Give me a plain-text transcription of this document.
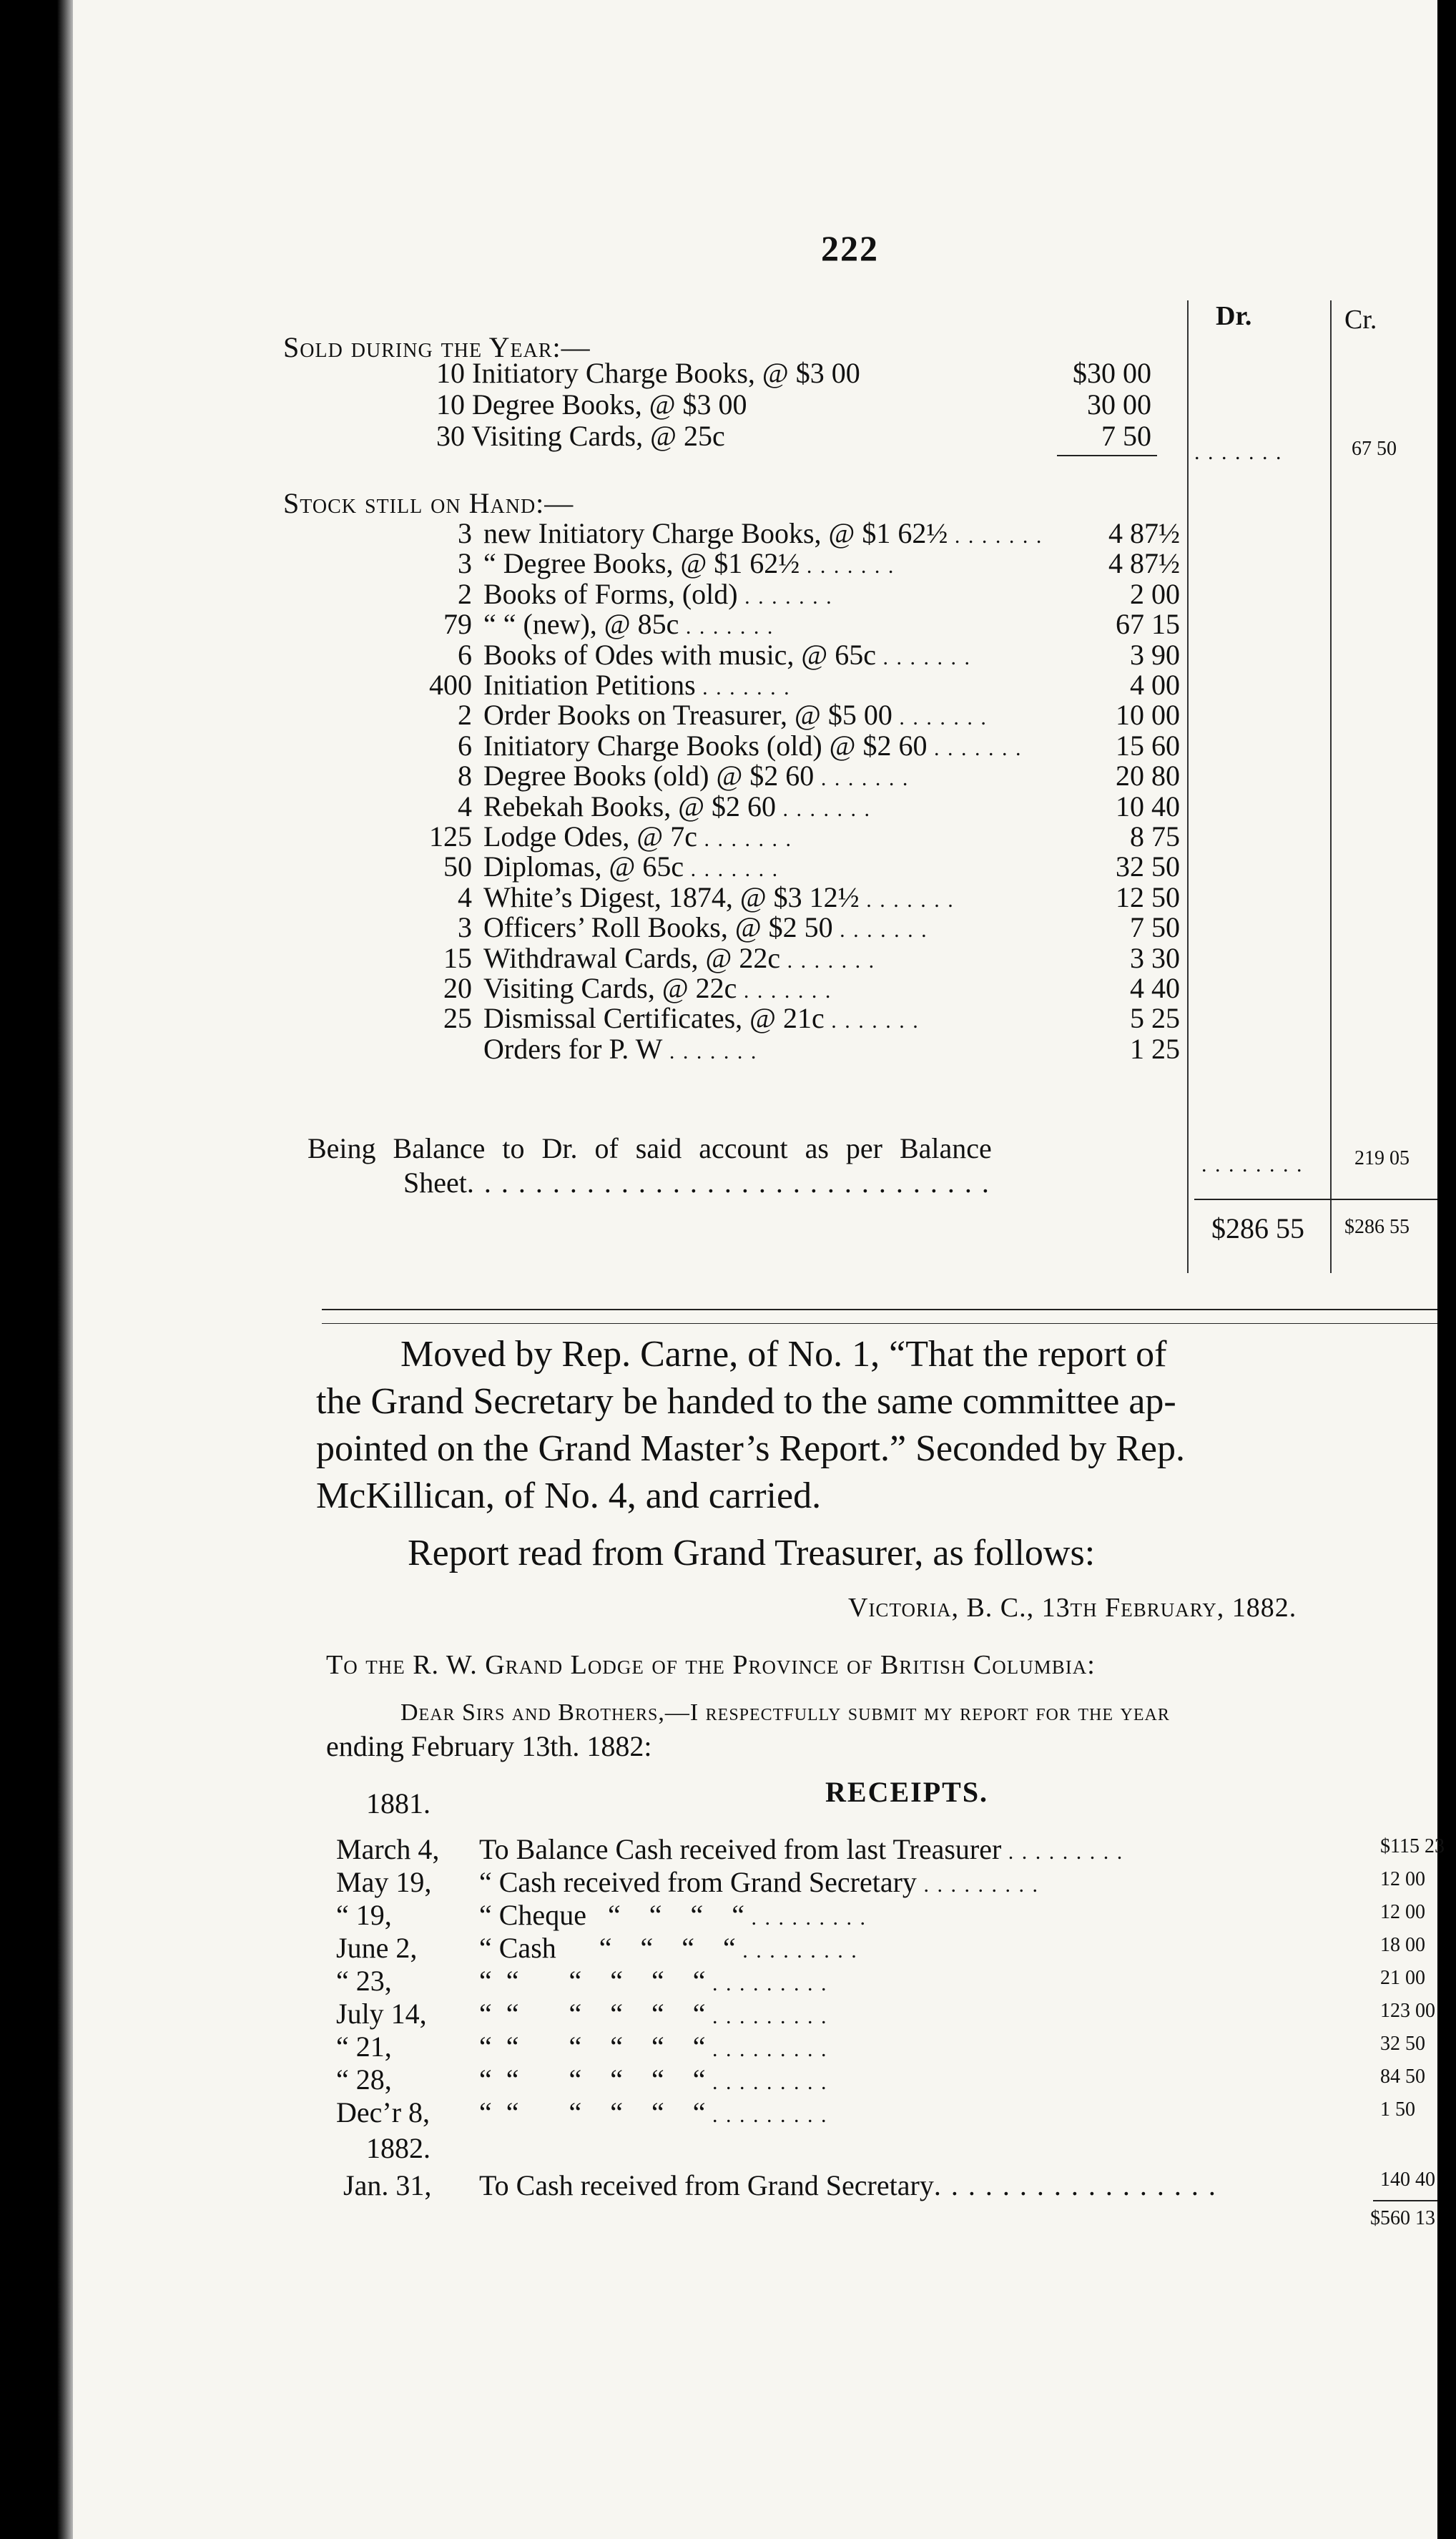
222
Dr.	Cr.
Sold during the Year:—
10 Initiatory Charge Books, @ $3 00	$30 00
10 Degree Books, @ $3 00	30 00
30 Visiting Cards, @ 25c	7 50
. . . . . . .	67 50
Stock still on Hand:—
3 new Initiatory Charge Books, @ $1 62½ . . . . . . .	4 87½
3 “ Degree Books, @ $1 62½ . . . . . . .	4 87½
2 Books of Forms, (old) . . . . . . .	2 00
79 “ “ (new), @ 85c . . . . . . .	67 15
6 Books of Odes with music, @ 65c . . . . . . .	3 90
400 Initiation Petitions . . . . . . .	4 00
2 Order Books on Treasurer, @ $5 00 . . . . . . .	10 00
6 Initiatory Charge Books (old) @ $2 60 . . . . . . .	15 60
8 Degree Books (old) @ $2 60 . . . . . . .	20 80
4 Rebekah Books, @ $2 60 . . . . . . .	10 40
125 Lodge Odes, @ 7c . . . . . . .	8 75
50 Diplomas, @ 65c . . . . . . .	32 50
4 White’s Digest, 1874, @ $3 12½ . . . . . . .	12 50
3 Officers’ Roll Books, @ $2 50 . . . . . . .	7 50
15 Withdrawal Cards, @ 22c . . . . . . .	3 30
20 Visiting Cards, @ 22c . . . . . . .	4 40
25 Dismissal Certificates, @ 21c . . . . . . .	5 25
Orders for P. W . . . . . . .	1 25
Being Balance to Dr. of said account as per Balance
Sheet. . . . . . . . . . . . . . . . . . . . . . . . . . . . . . .
. . . . . . . .	219 05
$286 55 $286 55
Moved by Rep. Carne, of No. 1, “That the report of
the Grand Secretary be handed to the same committee ap-
pointed on the Grand Master’s Report.” Seconded by Rep.
McKillican, of No. 4, and carried.
Report read from Grand Treasurer, as follows:
Victoria, B. C., 13th February, 1882.
To the R. W. Grand Lodge of the Province of British Columbia:
Dear Sirs and Brothers,—I respectfully submit my report for the year
ending February 13th. 1882:
1881.	RECEIPTS.
March 4, To Balance Cash received from last Treasurer . . . . . . . . .	$115 23
May 19, “ Cash received from Grand Secretary . . . . . . . . .	12 00
“ 19,	“ Cheque   “    “    “    “ . . . . . . . . .	12 00
June 2, “ Cash      “    “    “    “ . . . . . . . . .	18 00
“ 23,	“  “       “    “    “    “ . . . . . . . . .	21 00
July 14, “  “       “    “    “    “ . . . . . . . . .	123 00
“ 21,	“  “       “    “    “    “ . . . . . . . . .	32 50
“ 28,	“  “       “    “    “    “ . . . . . . . . .	84 50
Dec’r 8, “  “       “    “    “    “ . . . . . . . . .	1 50
1882.
Jan. 31, To Cash received from Grand Secretary. . . . . . . . . . . . . . . . .	140 40
$560 13
